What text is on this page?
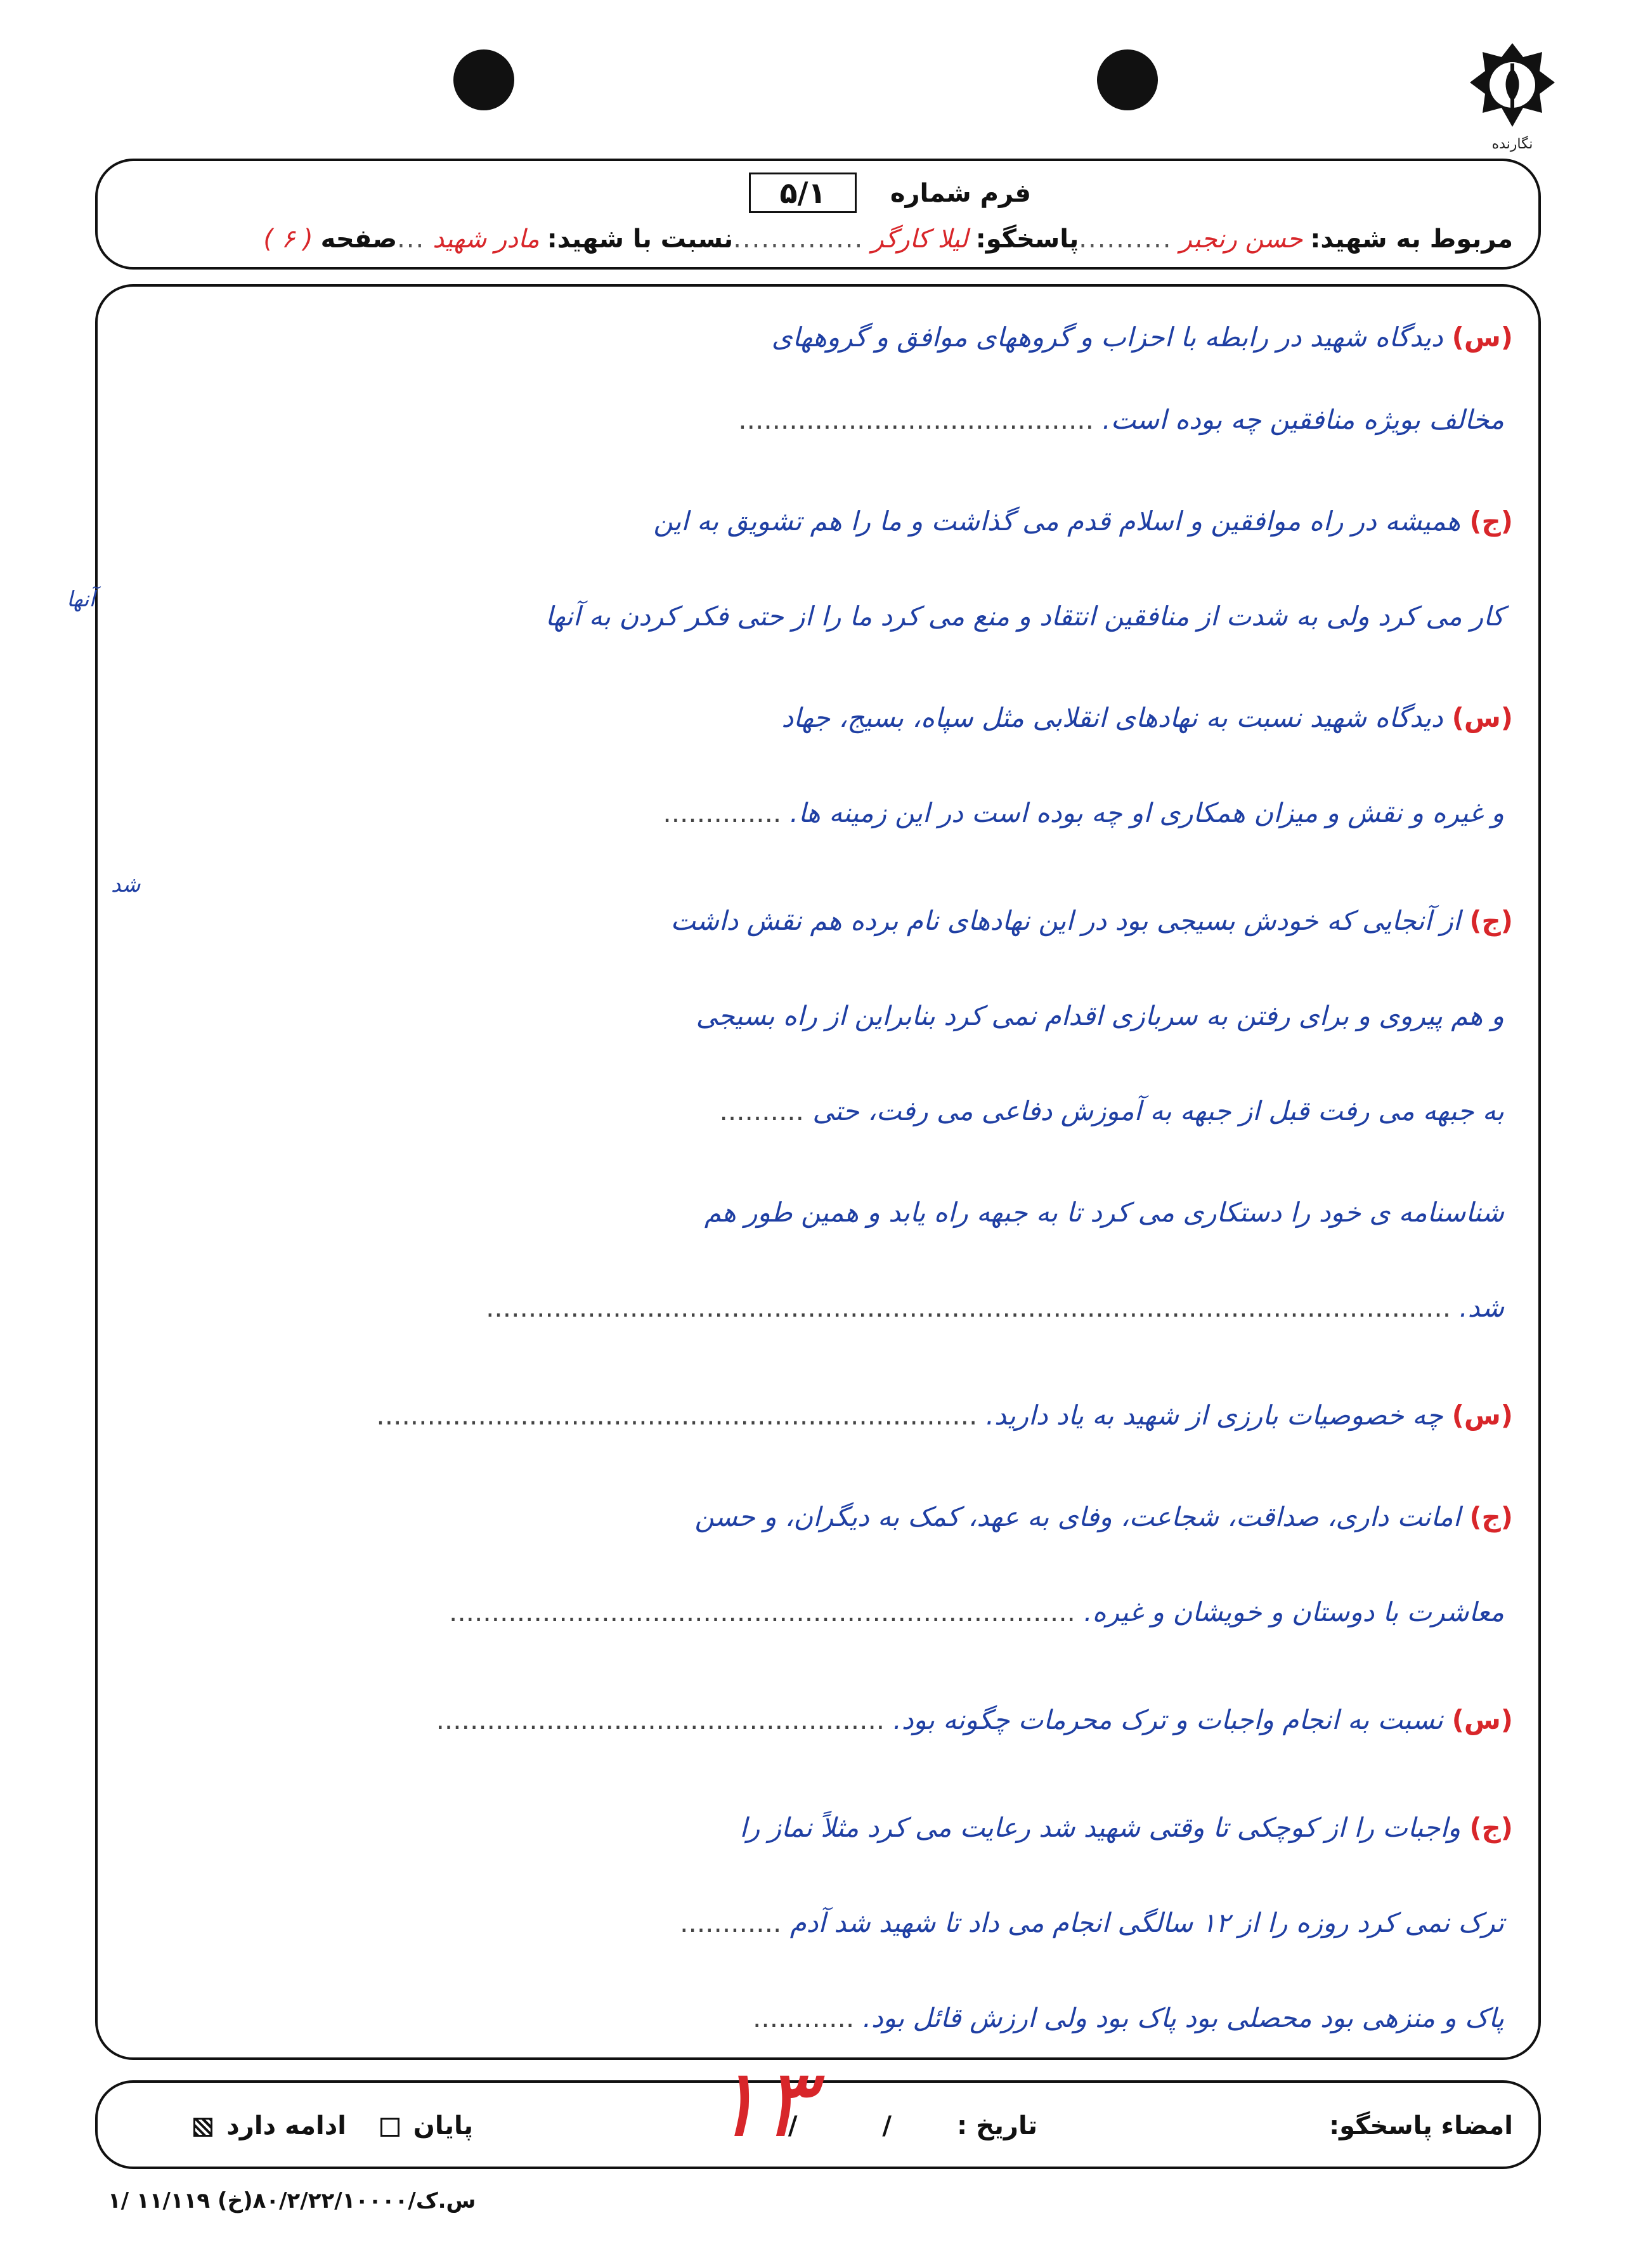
نگارنده
فرم شماره
۵/۱
مربوط به شهید:
حسن رنجبر
..........
پاسخگو:
لیلا کارگر
..............
نسبت با شهید:
مادر شهید
...
صفحه
( ۶ )
(س)دیدگاه شهید در رابطه با احزاب و گروههای موافق و گروههای
مخالف بویژه منافقین چه بوده است. ..........................................
(ج)همیشه در راه موافقین و اسلام قدم می گذاشت و ما را هم تشویق به این
کار می کرد ولی به شدت از منافقین انتقاد و منع می کرد ما را از حتی فکر کردن به آنها
(س)دیدگاه شهید نسبت به نهادهای انقلابی مثل سپاه، بسیج، جهاد
و غیره و نقش و میزان همکاری او چه بوده است در این زمینه ها. ..............
(ج)از آنجایی که خودش بسیجی بود در این نهادهای نام برده هم نقش داشت
و هم پیروی و برای رفتن به سربازی اقدام نمی کرد بنابراین از راه بسیجی
به جبهه می رفت قبل از جبهه به آموزش دفاعی می رفت، حتی ..........
شناسنامه ی خود را دستکاری می کرد تا به جبهه راه یابد و همین طور هم
شد. ..................................................................................................................
(س)چه خصوصیات بارزی از شهید به یاد دارید. .......................................................................
(ج)امانت داری، صداقت، شجاعت، وفای به عهد، کمک به دیگران، و حسن
معاشرت با دوستان و خویشان و غیره. ..........................................................................
(س)نسبت به انجام واجبات و ترک محرمات چگونه بود. .....................................................
(ج)واجبات را از کوچکی تا وقتی شهید شد رعایت می کرد مثلاً نماز را
ترک نمی کرد روزه را از ۱۲ سالگی انجام می داد تا شهید شد آدم ............
پاک و منزهی بود محصلی بود پاک بود ولی ارزش قائل بود. ............
آنها
شد
امضاء پاسخگو:
تاریخ :
/ /
پایان
ادامه دارد	۱۳
۱/ ۱۱/۱۱۹ س.ک/۸۰/۲/۲۲/۱۰۰۰۰(خ)
